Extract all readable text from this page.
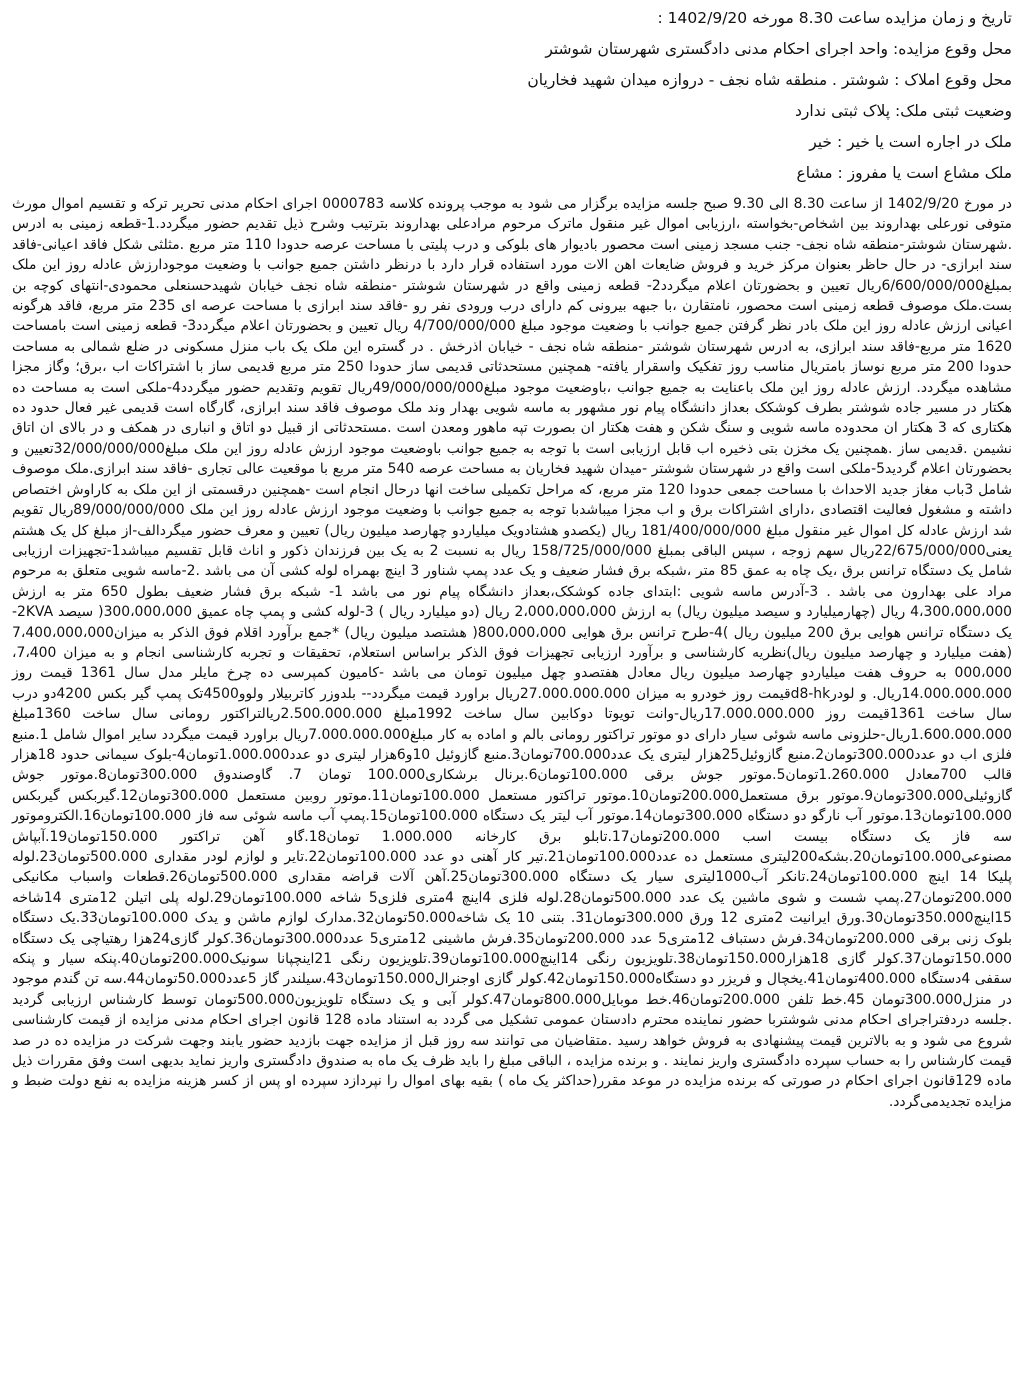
تاریخ و زمان مزایده ساعت 8.30 مورخه 1402/9/20 :
محل وقوع مزایده: واحد اجرای احکام مدنی دادگستری شهرستان شوشتر
محل وقوع املاک : شوشتر . منطقه شاه نجف - دروازه میدان شهید فخاریان
وضعیت ثبتی ملک: پلاک ثبتی ندارد
ملک در اجاره است یا خیر : خیر
ملک مشاع است یا مفروز : مشاع

در مورخ 1402/9/20 از ساعت 8.30 الی 9.30 صبح جلسه مزایده برگزار می شود به موجب پرونده کلاسه 0000783 اجرای احکام مدنی تحریر ترکه و تقسیم اموال مورث متوفی نورعلی بهداروند بین اشخاص-بخواسته ،ارزیابی اموال غیر منقول ماترک مرحوم مرادعلی بهداروند بترتیب وشرح ذیل تقدیم حضور میگردد.1-قطعه زمینی به ادرس .شهرستان شوشتر-منطقه شاه نجف- جنب مسجد زمینی است محصور بادیوار های بلوکی و درب پلیتی با مساحت عرصه حدودا 110 متر مربع .مثلثی شکل فاقد اعیانی-فاقد سند ابرازی- در حال حاظر بعنوان مرکز خرید و فروش ضایعات اهن الات مورد استفاده قرار دارد با درنظر داشتن جمیع جوانب با وضعیت موجودارزش عادله روز این ملک بمبلغ6/600/000/000ریال تعیین و بحضورتان اعلام میگردد2- قطعه زمینی واقع در شهرستان شوشتر -منطقه شاه نجف خیابان شهیدحسنعلی محمودی-انتهای کوچه بن بست.ملک موصوف قطعه زمینی است محصور، نامتقارن ،با جبهه بیرونی کم دارای درب ورودی نفر رو -فاقد سند ابرازی با مساحت عرصه ای 235 متر مربع، فاقد هرگونه اعیانی ارزش عادله روز این ملک بادر نظر گرفتن جمیع جوانب با وضعیت موجود مبلغ 4/700/000/000 ریال تعیین و بحضورتان اعلام میگردد3- قطعه زمینی است بامساحت 1620 متر مربع-فاقد سند ابرازی، به ادرس شهرستان شوشتر -منطقه شاه نجف - خیابان اذرخش . در گستره این ملک یک باب منزل مسکونی در ضلع شمالی به مساحت حدودا 200 متر مربع نوساز بامتریال مناسب روز تفکیک واسقرار یافته- همچنین مستحدثاتی قدیمی ساز حدودا 250 متر مربع قدیمی ساز با اشتراکات اب ،برق؛ وگاز مجزا مشاهده میگردد. ارزش عادله روز این ملک باعنایت به جمیع جوانب ،باوضعیت موجود مبلغ49/000/000/000ریال تقویم وتقدیم حضور میگردد4-ملکی است به مساحت ده هکتار در مسیر جاده شوشتر بطرف کوشکک بعداز دانشگاه پیام نور مشهور به ماسه شویی بهدار وند ملک موصوف فاقد سند ابرازی، گارگاه است قدیمی غیر فعال حدود ده هکتاری که 3 هکتار ان محدوده ماسه شویی و سنگ شکن و هفت هکتار ان بصورت تپه ماهور ومعدن است .مستحدثاتی از قبیل دو اتاق و انباری در همکف و در بالای ان اتاق نشیمن .قدیمی ساز .همچنین یک مخزن بتی ذخیره اب قابل ارزیابی است با توجه به جمیع جوانب باوضعیت موجود ارزش عادله روز این ملک مبلغ32/000/000/000تعیین و بحضورتان اعلام گردید5-ملکی است واقع در شهرستان شوشتر -میدان شهید فخاریان به مساحت عرصه 540 متر مربع با موقعیت عالی تجاری -فاقد سند ابرازی.ملک موصوف شامل 3باب مغاز جدید الاحداث با مساحت جمعی حدودا 120 متر مربع، که مراحل تکمیلی ساخت انها درحال انجام است -همچنین درقسمتی از این ملک به کاراوش اختصاص داشته و مشغول فعالیت اقتصادی ،دارای اشتراکات برق و اب مجزا میباشدبا توجه به جمیع جوانب با وضعیت موجود ارزش عادله روز این ملک 89/000/000/000ریال تقویم شد ارزش عادله کل اموال غیر منقول مبلغ 181/400/000/000 ریال (یکصدو هشتادویک میلیاردو چهارصد میلیون ریال) تعیین و معرف حضور میگردالف-از مبلغ کل یک هشتم یعنی22/675/000/000ریال سهم زوجه ، سپس الباقی بمبلغ 158/725/000/000 ریال به نسبت 2 به یک بین فرزندان ذکور و اناث قابل تقسیم میباشد1-تجهیزات ارزیابی شامل یک دستگاه ترانس برق ،یک چاه به عمق 85 متر ،شبکه برق فشار ضعیف و یک عدد پمپ شناور 3 اینچ بهمراه لوله کشی آن می باشد .2-ماسه شویی متعلق به مرحوم مراد علی بهدارون می باشد . 3-آدرس ماسه شویی :ابتدای جاده کوشکک،بعداز دانشگاه پیام نور می باشد 1- شبکه برق فشار ضعیف بطول 650 متر به ارزش 4،300،000،000 ریال (چهارمیلیارد و سیصد میلیون ریال) به ارزش 2،000،000،000 ریال (دو میلیارد ریال ) 3-لوله کشی و پمپ چاه عمیق 300،000،000( سیصد 2KVA- یک دستگاه ترانس هوایی برق 200 میلیون ریال )4-طرح ترانس برق هوایی 800،000،000( هشتصد میلیون ریال) *جمع برآورد اقلام فوق الذکر به میزان7،400،000،000 (هفت میلیارد و چهارصد میلیون ریال)نظریه کارشناسی و برآورد ارزیابی تجهیزات فوق الذکر براساس استعلام، تحقیقات و تجربه کارشناسی انجام و به میزان 7،400، 000،000 به حروف هفت میلیاردو چهارصد میلیون ریال معادل هفتصدو چهل میلیون تومان می باشد -کامیون کمپرسی ده چرخ مایلر مدل سال 1361 قیمت روز 14.000.000.000ریال. و لودرd8-hkقیمت روز خودرو به میزان 27.000.000.000ریال براورد قیمت میگردد-- بلدوزر کاتربیلار ولوو4500تک پمپ گیر بکس 4200دو درب سال ساخت 1361قیمت روز 17.000.000.000ریال-وانت تویوتا دوکابین سال ساخت 1992مبلغ 2.500.000.000ریالتراکتور رومانی سال ساخت 1360مبلغ 1.600.000.000ریال-حلزونی ماسه شوئی سیار دارای دو موتور تراکتور رومانی بالم و اماده به کار مبلغ7.000.000.000ریال براورد قیمت میگردد سایر اموال شامل 1.منبع فلزی اب دو عدد300.000تومان2.منبع گازوئیل25هزار لیتری یک عدد700.000تومان3.منبع گازوئیل 10و6هزار لیتری دو عدد1.000.000تومان4-بلوک سیمانی حدود 18هزار قالب 700معادل 1.260.000تومان5.موتور جوش برقی 100.000تومان6.برنال برشکاری100.000 تومان 7. گاوصندوق 300.000تومان8.موتور جوش گازوئیلی300.000تومان9.موتور برق مستعمل200.000تومان10.موتور تراکتور مستعمل 100.000تومان11.موتور روبین مستعمل 300.000تومان12.گیربکس گیربکس 100.000تومان13.موتور آب نارگو دو دستگاه 300.000تومان14.موتور آب لیتر یک دستگاه 100.000تومان15.پمپ آب ماسه شوئی سه فاز 100.000تومان16.الکتروموتور سه فاز یک دستگاه بیست اسب 200.000تومان17.تابلو برق کارخانه 1.000.000 تومان18.گاو آهن تراکتور 150.000تومان19.آبپاش مصنوعی100.000تومان20.بشکه200لیتری مستعمل ده عدد100.000تومان21.تیر کار آهنی دو عدد 100.000تومان22.تایر و لوازم لودر مقداری 500.000تومان23.لوله پلیکا 14 اینچ 100.000تومان24.تانکر آب1000لیتری سیار یک دستگاه 300.000تومان25.آهن آلات قراضه مقداری 500.000تومان26.قطعات واسباب مکانیکی 200.000تومان27.پمپ شست و شوی ماشین یک عدد 500.000تومان28.لوله فلزی 4اینچ 4متری فلزی5 شاخه 100.000تومان29.لوله پلی اتیلن 12متری 14شاخه 15اینچ350.000تومان30.ورق ایرانیت 2متری 12 ورق 300.000تومان31. بتنی 10 یک شاخه50.000تومان32.مدارک لوازم ماشن و یدک 100.000تومان33.یک دستگاه بلوک زنی برقی 200.000تومان34.فرش دستباف 12متری5 عدد 200.000تومان35.فرش ماشینی 12متری5 عدد300.000تومان36.کولر گازی24هزا رهتیاچی یک دستگاه 150.000تومان37.کولر گازی 18هزار150.000تومان38.تلویزیون رنگی 14اینچ100.000تومان39.تلویزیون رنگی 21اینچپانا سونیک200.000تومان40.پنکه سیار و پنکه سقفی 4دستگاه 400.000تومان41.یخچال و فریزر دو دستگاه150.000تومان42.کولر گازی اوجنرال150.000تومان43.سیلندر گاز 5عدد50.000تومان44.سه تن گندم موجود در منزل300.000تومان 45.خط تلفن 200.000تومان46.خط موبایل800.000تومان47.کولر آبی و یک دستگاه تلویزیون500.000تومان توسط کارشناس ارزیابی گردید .جلسه دردفتراجرای احکام مدنی شوشتربا حضور نماینده محترم دادستان عمومی تشکیل می گردد به استناد ماده 128 قانون اجرای احکام مدنی مزایده از قیمت کارشناسی شروع می شود و به بالاترین قیمت پیشنهادی به فروش خواهد رسید .متقاضیان می توانند سه روز قبل از مزایده جهت بازدید حضور یابند وجهت شرکت در مزایده ده در صد قیمت کارشناس را به حساب سپرده دادگستری واریز نمایند . و برنده مزایده ، الباقی مبلغ را باید ظرف یک ماه به صندوق دادگستری واریز نماید بدیهی است وفق مقررات ذیل ماده 129قانون اجرای احکام در صورتی که برنده مزایده در موعد مقرر(حداکثر یک ماه ) بقیه بهای اموال را نپردازد سپرده او پس از کسر هزینه مزایده به نفع دولت ضبط و مزایده تجدیدمی‌گردد.
